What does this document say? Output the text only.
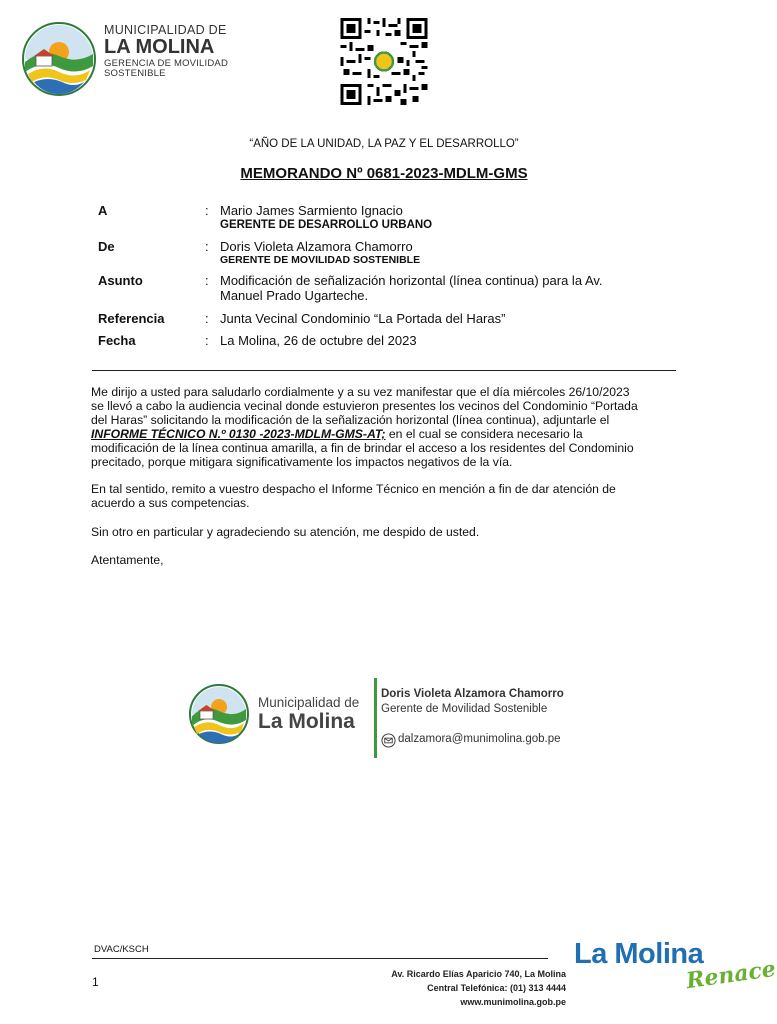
MUNICIPALIDAD DE
LA MOLINA
GERENCIA DE MOVILIDAD
SOSTENIBLE
“AÑO DE LA UNIDAD, LA PAZ Y EL DESARROLLO”
MEMORANDO Nº 0681-2023-MDLM-GMS
A	: Mario James Sarmiento Ignacio
GERENTE DE DESARROLLO URBANO
De	: Doris Violeta Alzamora Chamorro
GERENTE DE MOVILIDAD SOSTENIBLE
Asunto	: Modificación de señalización horizontal (línea continua) para la Av.
Manuel Prado Ugarteche.
Referencia	: Junta Vecinal Condominio “La Portada del Haras”
Fecha	: La Molina, 26 de octubre del 2023
Me dirijo a usted para saludarlo cordialmente y a su vez manifestar que el día miércoles 26/10/2023
se llevó a cabo la audiencia vecinal donde estuvieron presentes los vecinos del Condominio “Portada
del Haras” solicitando la modificación de la señalización horizontal (línea continua), adjuntarle el
INFORME TÉCNICO N.º 0130 -2023-MDLM-GMS-AT; en el cual se considera necesario la
modificación de la línea continua amarilla, a fin de brindar el acceso a los residentes del Condominio
precitado, porque mitigara significativamente los impactos negativos de la vía.
En tal sentido, remito a vuestro despacho el Informe Técnico en mención a fin de dar atención de
acuerdo a sus competencias.
Sin otro en particular y agradeciendo su atención, me despido de usted.
Atentamente,
Municipalidad de
La Molina
Doris Violeta Alzamora Chamorro
Gerente de Movilidad Sostenible
dalzamora@munimolina.gob.pe
DVAC/KSCH
1
Av. Ricardo Elías Aparicio 740, La Molina
Central Telefónica: (01) 313 4444
www.munimolina.gob.pe
La Molina
Renace
